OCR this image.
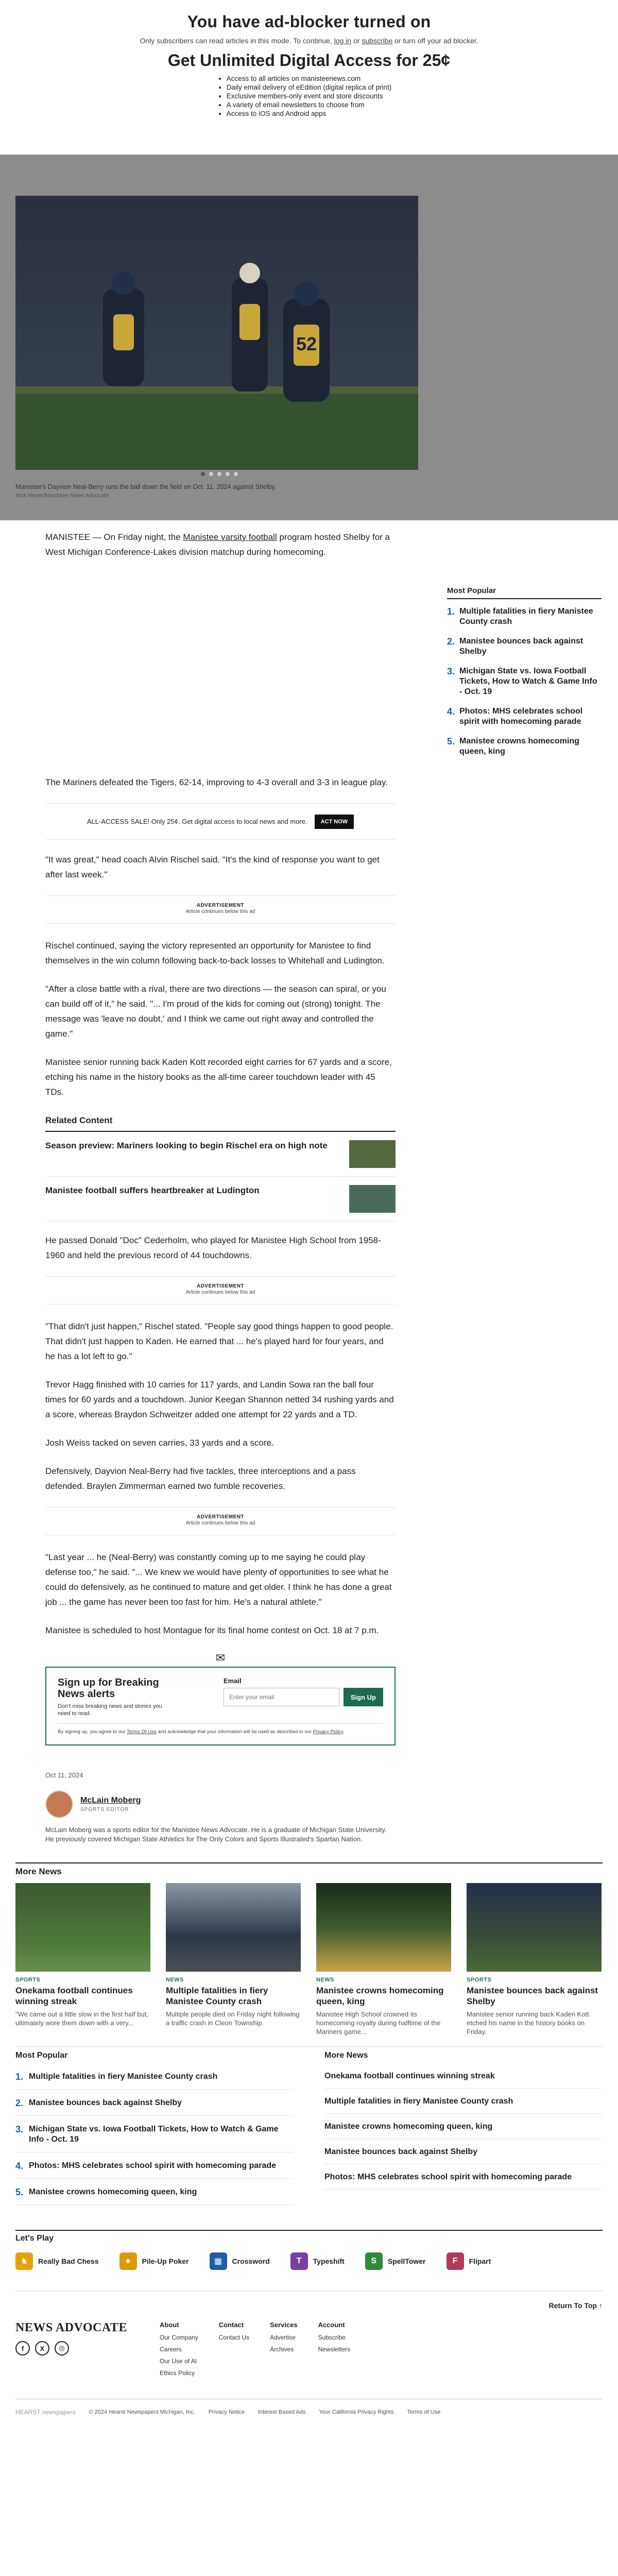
You have ad-blocker turned on
Only subscribers can read articles in this mode. To continue, log in or subscribe or turn off your ad blocker.
Get Unlimited Digital Access for 25¢
• Access to all articles on manisteenews.com
• Daily email delivery of eEdition (digital replica of print)
• Exclusive members-only event and store discounts
• A variety of email newsletters to choose from
• Access to iOS and Android apps
52
Manistee's Dayvion Neal-Berry runs the ball down the field on Oct. 11, 2024 against Shelby.
Nick Moyer/Manistee News Advocate
Most Popular
1. Multiple fatalities in fiery Manistee County crash
2. Manistee bounces back against Shelby
3. Michigan State vs. Iowa Football Tickets, How to Watch & Game Info - Oct. 19
4. Photos: MHS celebrates school spirit with homecoming parade
5. Manistee crowns homecoming queen, king

MANISTEE — On Friday night, the Manistee varsity football program hosted Shelby for a West Michigan Conference-Lakes division matchup during homecoming.

The Mariners defeated the Tigers, 62-14, improving to 4-3 overall and 3-3 in league play.

ALL-ACCESS SALE! Only 25¢. Get digital access to local news and more.	ACT NOW

"It was great," head coach Alvin Rischel said. "It's the kind of response you want to get after last week."

ADVERTISEMENT
Article continues below this ad

Rischel continued, saying the victory represented an opportunity for Manistee to find themselves in the win column following back-to-back losses to Whitehall and Ludington.

"After a close battle with a rival, there are two directions — the season can spiral, or you can build off of it," he said. "... I'm proud of the kids for coming out (strong) tonight. The message was 'leave no doubt,' and I think we came out right away and controlled the game."

Manistee senior running back Kaden Kott recorded eight carries for 67 yards and a score, etching his name in the history books as the all-time career touchdown leader with 45 TDs.

Related Content
Season preview: Mariners looking to begin Rischel era on high note
Manistee football suffers heartbreaker at Ludington

He passed Donald "Doc" Cederholm, who played for Manistee High School from 1958-1960 and held the previous record of 44 touchdowns.

ADVERTISEMENT
Article continues below this ad

"That didn't just happen," Rischel stated. "People say good things happen to good people. That didn't just happen to Kaden. He earned that ... he's played hard for four years, and he has a lot left to go."

Trevor Hagg finished with 10 carries for 117 yards, and Landin Sowa ran the ball four times for 60 yards and a touchdown. Junior Keegan Shannon netted 34 rushing yards and a score, whereas Braydon Schweitzer added one attempt for 22 yards and a TD.

Josh Weiss tacked on seven carries, 33 yards and a score.

Defensively, Dayvion Neal-Berry had five tackles, three interceptions and a pass defended. Braylen Zimmerman earned two fumble recoveries.

ADVERTISEMENT
Article continues below this ad

"Last year ... he (Neal-Berry) was constantly coming up to me saying he could play defense too," he said. "... We knew we would have plenty of opportunities to see what he could do defensively, as he continued to mature and get older. I think he has done a great job ... the game has never been too fast for him. He's a natural athlete."

Manistee is scheduled to host Montague for its final home contest on Oct. 18 at 7 p.m.

✉
Sign up for Breaking News alerts
Don't miss breaking news and stories you need to read.
Email
Enter your email
Sign Up
By signing up, you agree to our Terms Of Use and acknowledge that your information will be used as described in our Privacy Policy.
Oct 11, 2024
McLain Moberg
SPORTS EDITOR
McLain Moberg was a sports editor for the Manistee News Advocate. He is a graduate of Michigan State University. He previously covered Michigan State Athletics for The Only Colors and Sports Illustrated's Spartan Nation.
More News
SPORTS
Onekama football continues winning streak
"We came out a little slow in the first half but, ultimately wore them down with a very...
NEWS
Multiple fatalities in fiery Manistee County crash
Multiple people died on Friday night following a traffic crash in Cleon Township.
NEWS
Manistee crowns homecoming queen, king
Manistee High School crowned its homecoming royalty during halftime of the Mariners game...
SPORTS
Manistee bounces back against Shelby
Manistee senior running back Kaden Kott etched his name in the history books on Friday.
Most Popular
1. Multiple fatalities in fiery Manistee County crash
2. Manistee bounces back against Shelby
3. Michigan State vs. Iowa Football Tickets, How to Watch & Game Info - Oct. 19
4. Photos: MHS celebrates school spirit with homecoming parade
5. Manistee crowns homecoming queen, king
More News
Onekama football continues winning streak
Multiple fatalities in fiery Manistee County crash
Manistee crowns homecoming queen, king
Manistee bounces back against Shelby
Photos: MHS celebrates school spirit with homecoming parade
Let's Play
♞	Really Bad Chess	♠	Pile-Up Poker	▦	Crossword	T	Typeshift	S	SpellTower	F	Flipart
Return To Top ↑
NEWS ADVOCATE
f	X	◎
About
Our Company
Careers
Our Use of AI
Ethics Policy
Contact
Contact Us
Services
Advertise
Archives
Account
Subscribe
Newsletters
HEARST newspapers © 2024 Hearst Newspapers Michigan, Inc. Privacy Notice Interest Based Ads Your California Privacy Rights Terms of Use
